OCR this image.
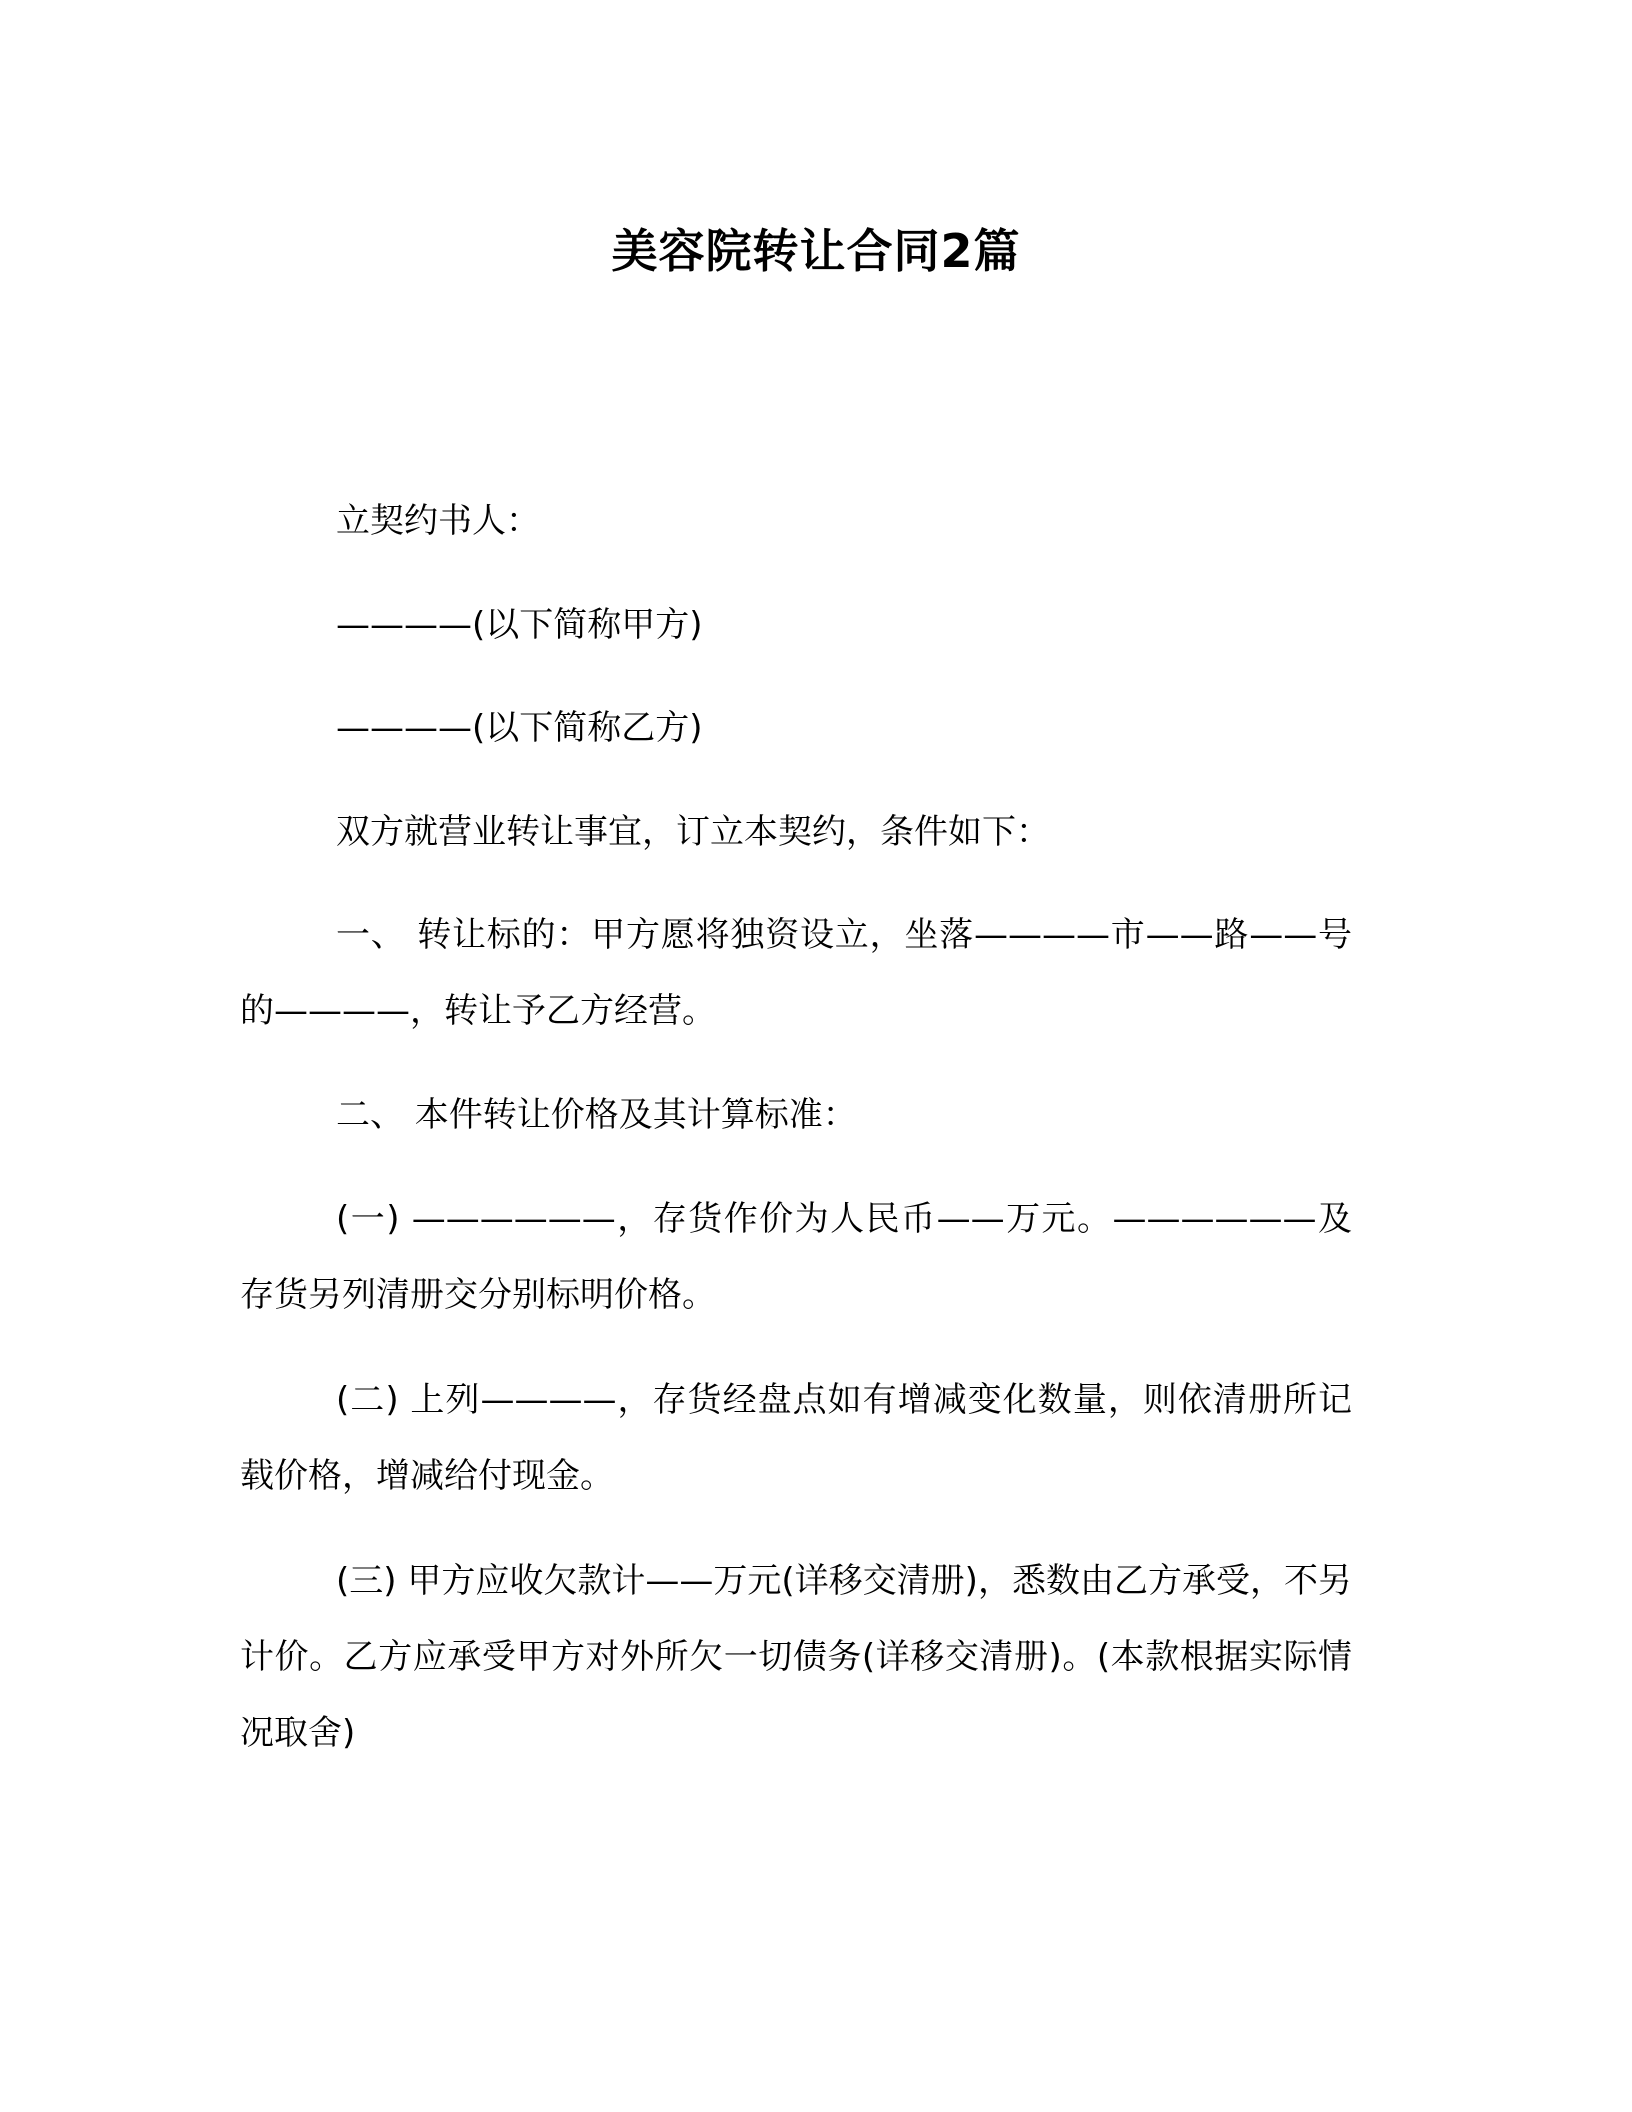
美容院转让合同2篇

立契约书人：

————(以下简称甲方)

————(以下简称乙方)

双方就营业转让事宜，订立本契约，条件如下：

一、 转让标的：甲方愿将独资设立，坐落————市——路——号的————，转让予乙方经营。

二、 本件转让价格及其计算标准：

(一) ——————，存货作价为人民币——万元。——————及存货另列清册交分别标明价格。

(二) 上列————，存货经盘点如有增减变化数量，则依清册所记载价格，增减给付现金。

(三) 甲方应收欠款计——万元(详移交清册)，悉数由乙方承受，不另计价。乙方应承受甲方对外所欠一切债务(详移交清册)。(本款根据实际情况取舍)
